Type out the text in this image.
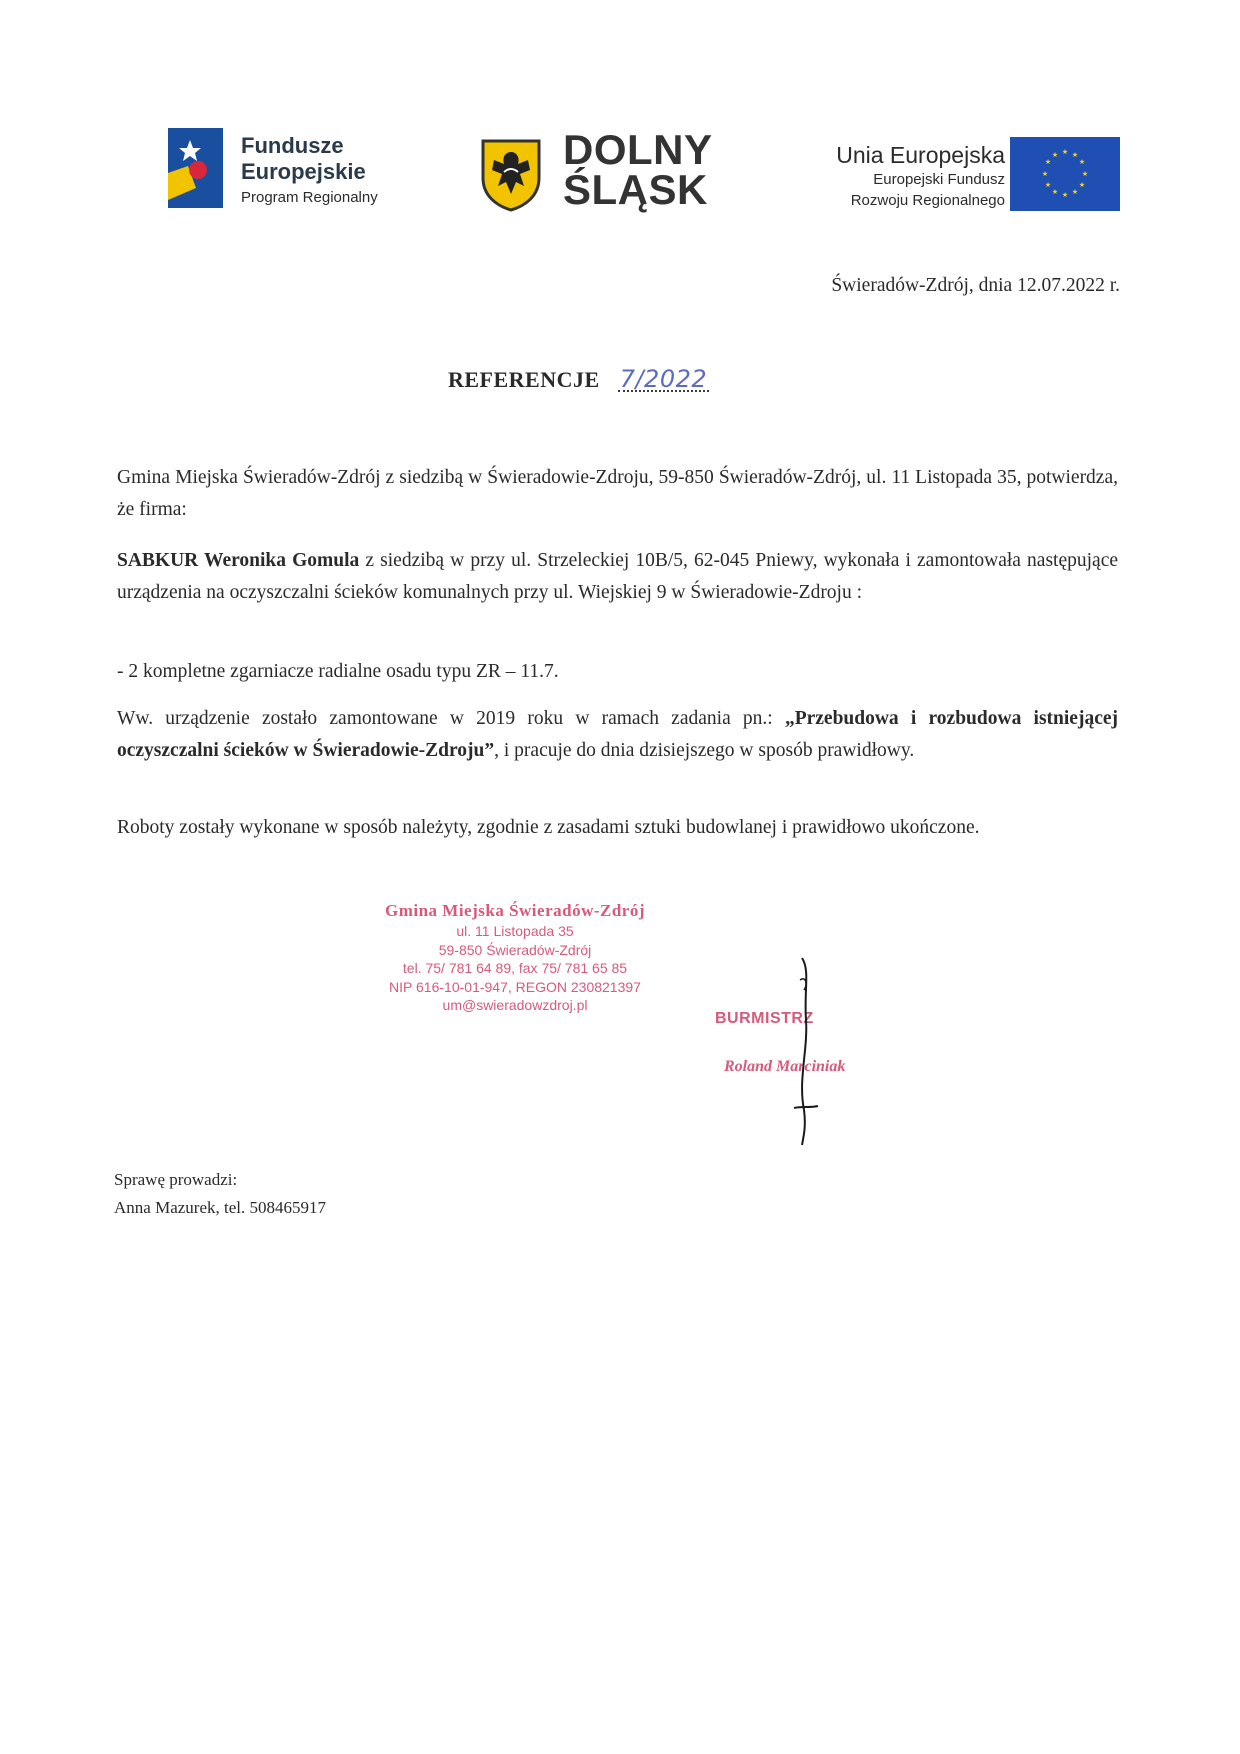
Fundusze
Europejskie
Program Regionalny
DOLNY
ŚLĄSK
Unia Europejska
Europejski Fundusz
Rozwoju Regionalnego
★ ★
★
★
★
★
★
★
★
★
★
★
Świeradów-Zdrój, dnia 12.07.2022 r.
REFERENCJE 7/2022
Gmina Miejska Świeradów-Zdrój z siedzibą w Świeradowie-Zdroju, 59-850 Świeradów-Zdrój, ul. 11 Listopada 35, potwierdza, że firma:
SABKUR Weronika Gomula z siedzibą w przy ul. Strzeleckiej 10B/5, 62-045 Pniewy, wykonała i zamontowała następujące urządzenia na oczyszczalni ścieków komunalnych przy ul. Wiejskiej 9 w Świeradowie-Zdroju :
- 2 kompletne zgarniacze radialne osadu typu ZR – 11.7.
Ww. urządzenie zostało zamontowane w 2019 roku w ramach zadania pn.: „Przebudowa i rozbudowa istniejącej oczyszczalni ścieków w Świeradowie-Zdroju”, i pracuje do dnia dzisiejszego w sposób prawidłowy.
Roboty zostały wykonane w sposób należyty, zgodnie z zasadami sztuki budowlanej i prawidłowo ukończone.
Gmina Miejska Świeradów-Zdrój
ul. 11 Listopada 35
59-850 Świeradów-Zdrój
tel. 75/ 781 64 89, fax 75/ 781 65 85
NIP 616-10-01-947, REGON 230821397
um@swieradowzdroj.pl
BURMISTRZ
Roland Marciniak
Sprawę prowadzi:
Anna Mazurek, tel. 508465917
